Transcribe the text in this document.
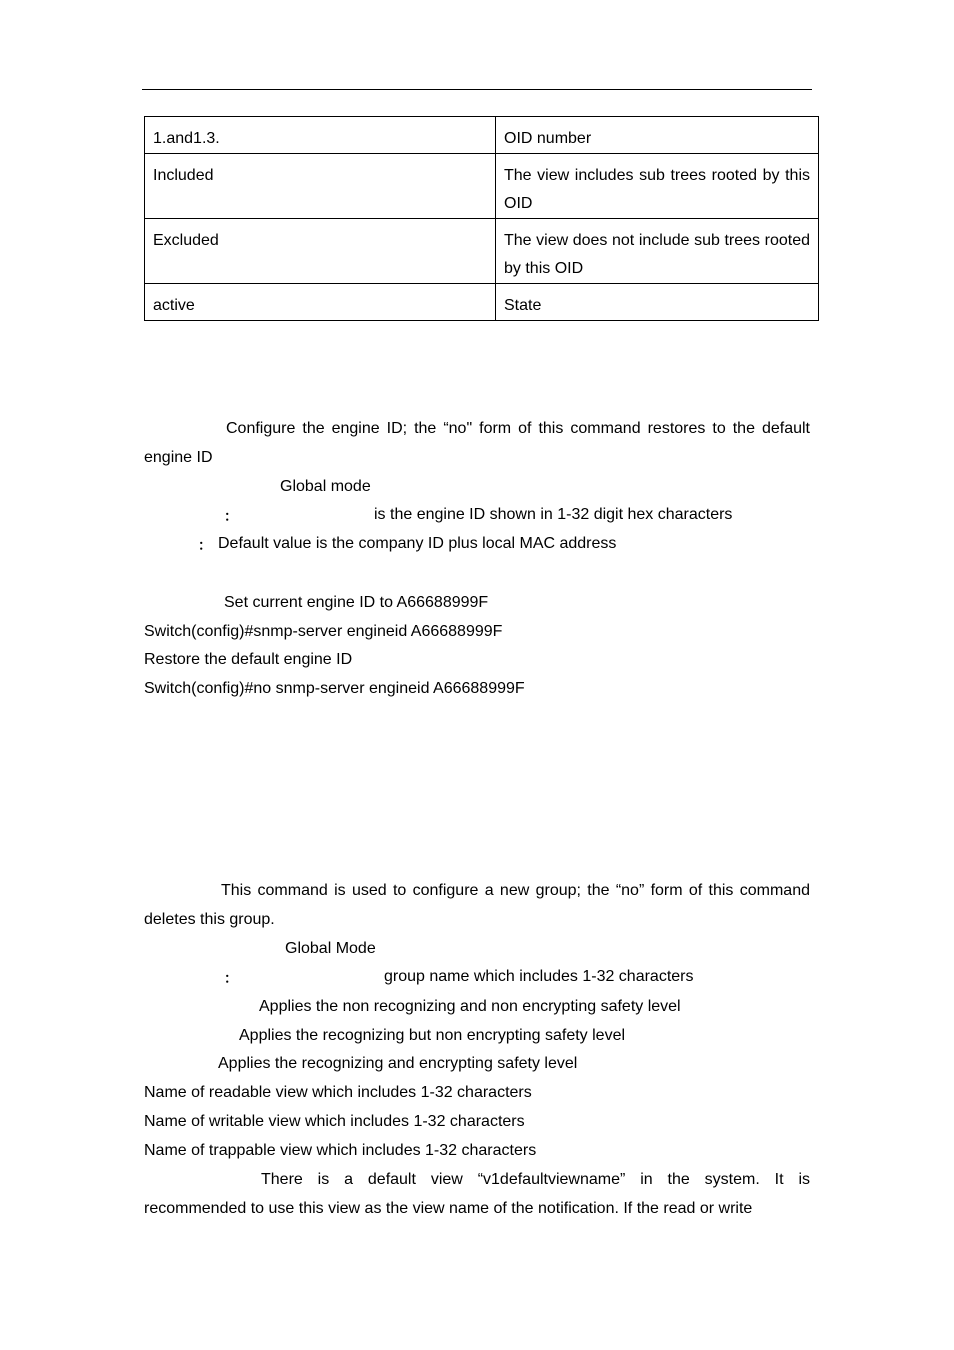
1.and1.3.	OID number
Included	The view includes sub trees rooted by this OID
Excluded	The view does not include sub trees rooted by this OID
active	State
Configure the engine ID; the “no" form of this command restores to the default engine ID
Global mode
：	is the engine ID shown in 1-32 digit hex characters
： Default value is the company ID plus local MAC address
Set current engine ID to A66688999F
Switch(config)#snmp-server engineid A66688999F
Restore the default engine ID
Switch(config)#no snmp-server engineid A66688999F
This command is used to configure a new group; the “no” form of this command deletes this group.
Global Mode
：	group name which includes 1-32 characters
Applies the non recognizing and non encrypting safety level
Applies the recognizing but non encrypting safety level
Applies the recognizing and encrypting safety level
Name of readable view which includes 1-32 characters
Name of writable view which includes 1-32 characters
Name of trappable view which includes 1-32 characters
There is a default view “v1defaultviewname” in the system. It is recommended to use this view as the view name of the notification. If the read or write
